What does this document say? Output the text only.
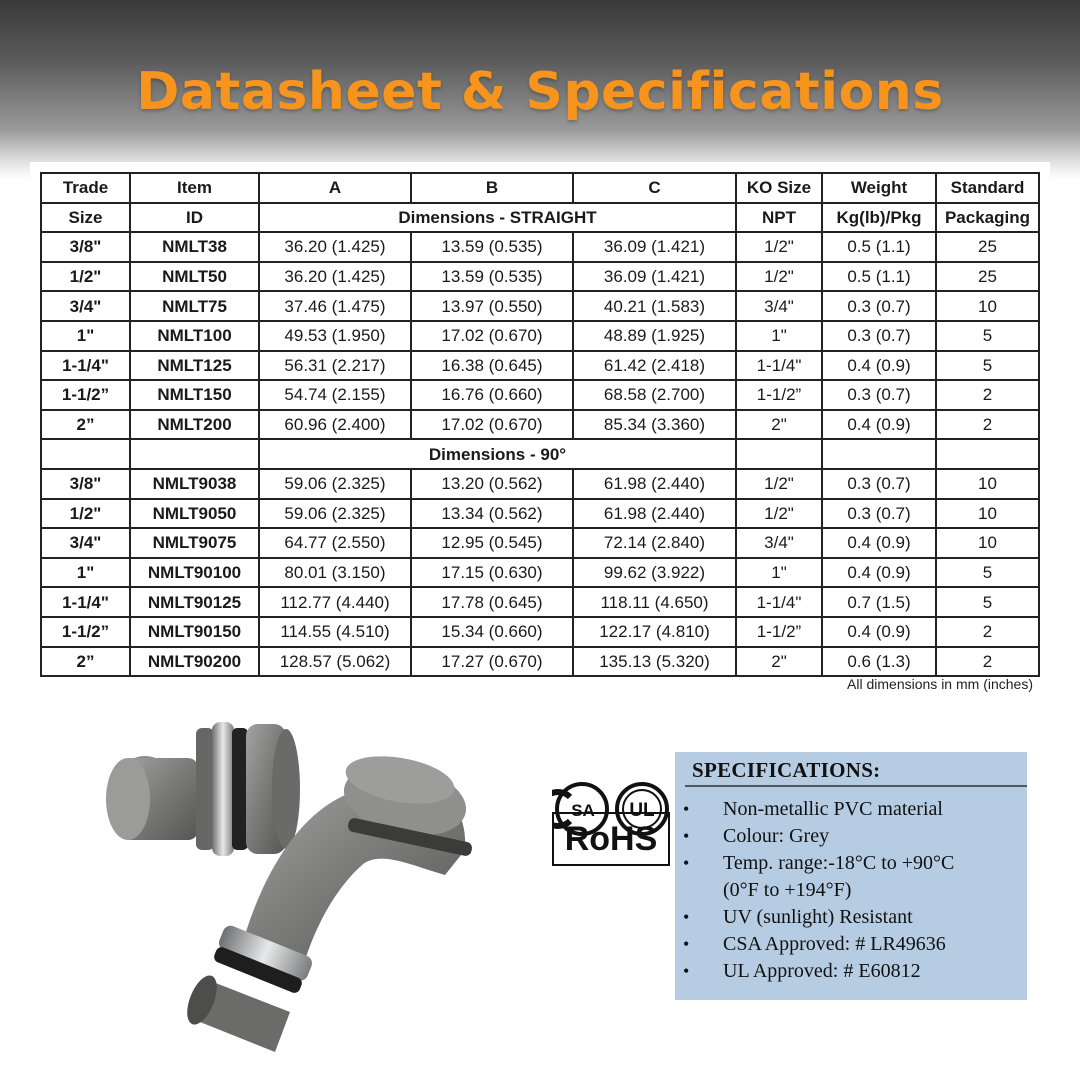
Datasheet & Specifications
Trade	Item	A	B	C	KO Size	Weight	Standard
Size	ID	Dimensions - STRAIGHT			NPT	Kg(lb)/Pkg	Packaging
3/8"	NMLT38	36.20 (1.425)	13.59 (0.535)	36.09 (1.421)	1/2"	0.5 (1.1)	25
1/2"	NMLT50	36.20 (1.425)	13.59 (0.535)	36.09 (1.421)	1/2"	0.5 (1.1)	25
3/4"	NMLT75	37.46 (1.475)	13.97 (0.550)	40.21 (1.583)	3/4"	0.3 (0.7)	10
1"	NMLT100	49.53 (1.950)	17.02 (0.670)	48.89 (1.925)	1"	0.3 (0.7)	5
1-1/4"	NMLT125	56.31 (2.217)	16.38 (0.645)	61.42 (2.418)	1-1/4"	0.4 (0.9)	5
1-1/2”	NMLT150	54.74 (2.155)	16.76 (0.660)	68.58 (2.700)	1-1/2”	0.3 (0.7)	2
2”	NMLT200	60.96 (2.400)	17.02 (0.670)	85.34 (3.360)	2"	0.4 (0.9)	2
		Dimensions - 90°					
3/8"	NMLT9038	59.06 (2.325)	13.20 (0.562)	61.98 (2.440)	1/2"	0.3 (0.7)	10
1/2"	NMLT9050	59.06 (2.325)	13.34 (0.562)	61.98 (2.440)	1/2"	0.3 (0.7)	10
3/4"	NMLT9075	64.77 (2.550)	12.95 (0.545)	72.14 (2.840)	3/4"	0.4 (0.9)	10
1"	NMLT90100	80.01 (3.150)	17.15 (0.630)	99.62 (3.922)	1"	0.4 (0.9)	5
1-1/4"	NMLT90125	112.77 (4.440)	17.78 (0.645)	118.11 (4.650)	1-1/4"	0.7 (1.5)	5
1-1/2”	NMLT90150	114.55 (4.510)	15.34 (0.660)	122.17 (4.810)	1-1/2”	0.4 (0.9)	2
2”	NMLT90200	128.57 (5.062)	17.27 (0.670)	135.13 (5.320)	2"	0.6 (1.3)	2
All dimensions in mm (inches)
SA UL
RoHS
SPECIFICATIONS:
• Non-metallic PVC material
• Colour: Grey
• Temp. range:-18°C to +90°C
(0°F to +194°F)
• UV (sunlight) Resistant
• CSA Approved: # LR49636
• UL Approved: # E60812
